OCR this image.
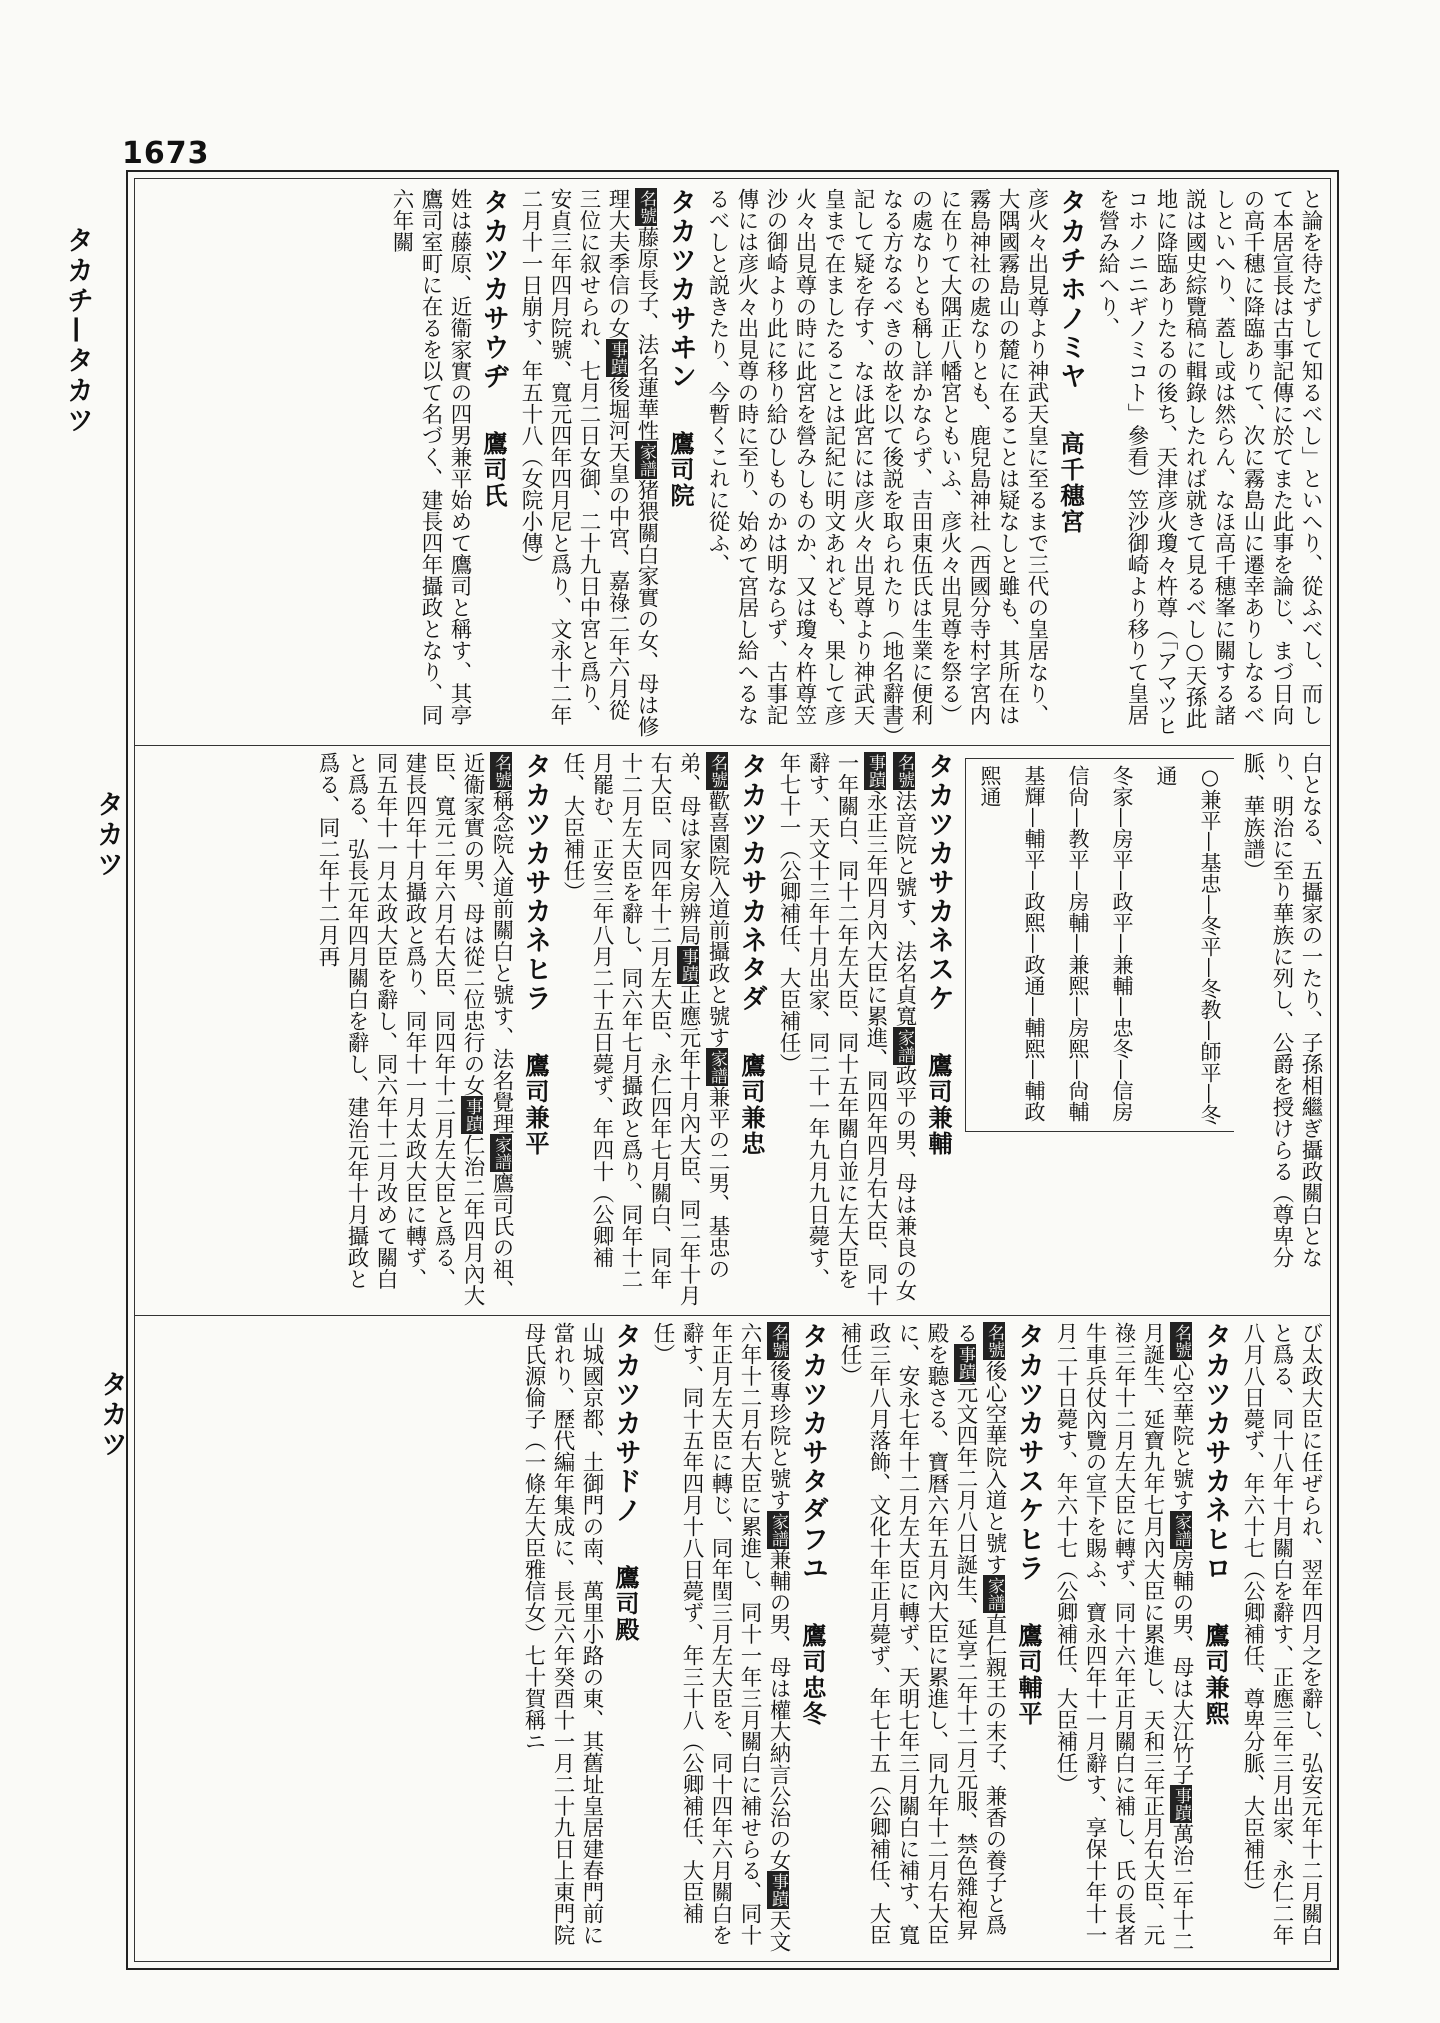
1673
タカチ—タカツ
タカツ
タカツ

と論を待たずして知るべし」といへり、從ふべし、而して本居宣長は古事記傳に於てまた此事を論じ、まづ日向の高千穗に降臨ありて、次に霧島山に遷幸ありしなるべしといへり、蓋し或は然らん、なほ高千穗峯に關する諸説は國史綜覽稿に輯錄したれば就きて見るべし○天孫此地に降臨ありたるの後ち、天津彦火瓊々杵尊（「アマツヒコホノニニギノミコト」參看）笠沙御崎より移りて皇居を營み給へり、

タカチホノミヤ高千穗宮
彦火々出見尊より神武天皇に至るまで三代の皇居なり、大隅國霧島山の麓に在ることは疑なしと雖も、其所在は霧島神社の處なりとも、鹿兒島神社（西國分寺村字宮内に在りて大隅正八幡宮ともいふ、彦火々出見尊を祭る）の處なりとも稱し詳かならず、吉田東伍氏は生業に便利なる方なるべきの故を以て後説を取られたり（地名辭書）記して疑を存す、なほ此宮には彦火々出見尊より神武天皇まで在ましたることは記紀に明文あれども、果して彦火々出見尊の時に此宮を營みしものか、又は瓊々杵尊笠沙の御崎より此に移り給ひしものかは明ならず、古事記傳には彦火々出見尊の時に至り、始めて宮居し給へるなるべしと説きたり、今暫くこれに從ふ、
タカツカサヰン鷹司院
名號藤原長子、法名蓮華性家譜猪猥關白家實の女、母は修理大夫季信の女事蹟後堀河天皇の中宮、嘉祿二年六月從三位に叙せられ、七月二日女御、二十九日中宮と爲り、安貞三年四月院號、寬元四年四月尼と爲り、文永十二年二月十一日崩す、年五十八（女院小傳）
タカツカサウヂ鷹司氏
姓は藤原、近衞家實の四男兼平始めて鷹司と稱す、其亭鷹司室町に在るを以て名づく、建長四年攝政となり、同六年關

白となる、五攝家の一たり、子孫相繼ぎ攝政關白となり、明治に至り華族に列し、公爵を授けらる（尊卑分脈、華族譜）

○兼平—基忠—冬平—冬教—師平—冬通
冬家—房平—政平—兼輔—忠冬—信房
信尙—教平—房輔—兼熙—房熙—尙輔
基輝—輔平—政熙—政通—輔熙—輔政
熙通
タカツカサカネスケ鷹司兼輔
名號法音院と號す、法名貞寬家譜政平の男、母は兼良の女事蹟永正三年四月內大臣に累進、同四年四月右大臣、同十一年關白、同十二年左大臣、同十五年關白並に左大臣を辭す、天文十三年十月出家、同二十一年九月九日薨す、年七十一（公卿補任、大臣補任）
タカツカサカネタダ鷹司兼忠
名號歡喜園院入道前攝政と號す家譜兼平の二男、基忠の弟、母は家女房辨局事蹟正應元年十月內大臣、同二年十月右大臣、同四年十二月左大臣、永仁四年七月關白、同年十二月左大臣を辭し、同六年七月攝政と爲り、同年十二月罷む、正安三年八月二十五日薨ず、年四十（公卿補任、大臣補任）
タカツカサカネヒラ鷹司兼平
名號稱念院入道前關白と號す、法名覺理家譜鷹司氏の祖、近衞家實の男、母は從二位忠行の女事蹟仁治二年四月內大臣、寬元二年六月右大臣、同四年十二月左大臣と爲る、建長四年十月攝政と爲り、同年十一月太政大臣に轉ず、同五年十一月太政大臣を辭し、同六年十二月改めて關白と爲る、弘長元年四月關白を辭し、建治元年十月攝政と爲る、同二年十二月再

び太政大臣に任ぜられ、翌年四月之を辭し、弘安元年十二月關白と爲る、同十八年十月關白を辭す、正應三年三月出家、永仁二年八月八日薨ず、年六十七（公卿補任、尊卑分脈、大臣補任）

タカツカサカネヒロ鷹司兼熙
名號心空華院と號す家譜房輔の男、母は大江竹子事蹟萬治二年十二月誕生、延寶九年七月內大臣に累進し、天和三年正月右大臣、元祿三年十二月左大臣に轉ず、同十六年正月關白に補し、氏の長者牛車兵仗內覽の宣下を賜ふ、寶永四年十一月辭す、享保十年十一月二十日薨す、年六十七（公卿補任、大臣補任）
タカツカサスケヒラ鷹司輔平
名號後心空華院入道と號す家譜直仁親王の末子、兼香の養子と爲る事蹟元文四年二月八日誕生、延享二年十二月元服、禁色雜袍昇殿を聽さる、寶曆六年五月內大臣に累進し、同九年十二月右大臣に、安永七年十二月左大臣に轉ず、天明七年三月關白に補す、寬政三年八月落飾、文化十年正月薨ず、年七十五（公卿補任、大臣補任）
タカツカサタダフユ鷹司忠冬
名號後專珍院と號す家譜兼輔の男、母は權大納言公治の女事蹟天文六年十二月右大臣に累進し、同十一年三月關白に補せらる、同十年正月左大臣に轉じ、同年閏三月左大臣を、同十四年六月關白を辭す、同十五年四月十八日薨ず、年三十八（公卿補任、大臣補任）
タカツカサドノ鷹司殿
山城國京都、土御門の南、萬里小路の東、其舊址皇居建春門前に當れり、歷代編年集成に、長元六年癸酉十一月二十九日上東門院母氏源倫子（一條左大臣雅信女）七十賀稱ニ
